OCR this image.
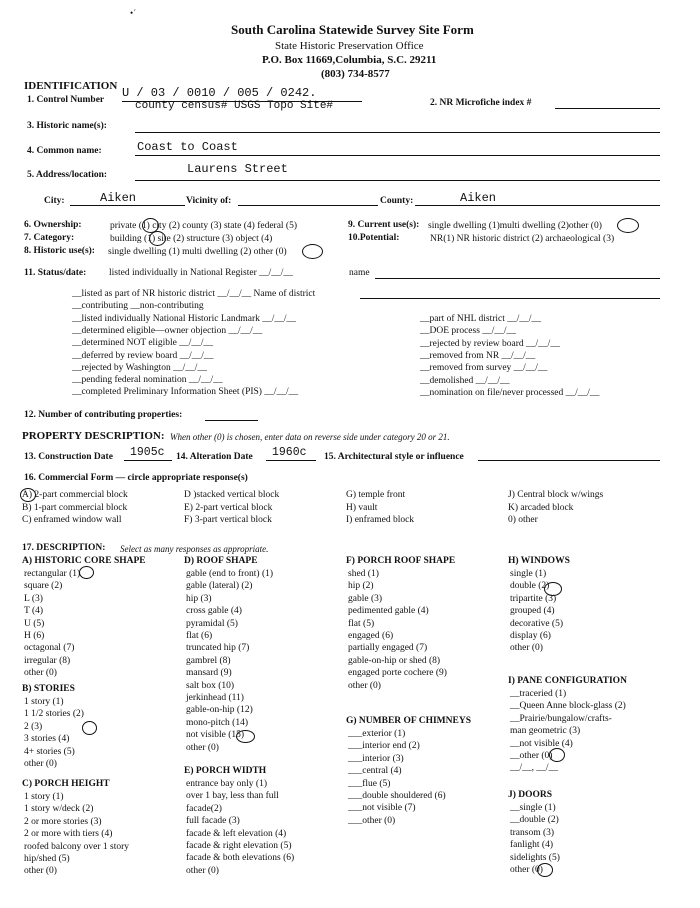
•´
South Carolina Statewide Survey Site Form
State Historic Preservation Office
P.O. Box 11669,Columbia, S.C. 29211
(803) 734-8577
IDENTIFICATION
1. Control Number U / 03 / 0010 / 005 / 0242.
county census# USGS Topo Site#	2. NR Microfiche index #
3. Historic name(s):
4. Common name:	Coast to Coast
5. Address/location:	Laurens Street
City:	Aiken	Vicinity of:	County:	Aiken
6. Ownership:	private (1) city (2) county (3) state (4) federal (5)
7. Category:	building (1) site (2) structure (3) object (4)
8. Historic use(s): single dwelling (1) multi dwelling (2) other (0)
9. Current use(s): single dwelling (1)multi dwelling (2)other (0)
10.Potential:	NR(1) NR historic district (2) archaeological (3)
11. Status/date: listed individually in National Register __/__/__	name
__listed as part of NR historic district __/__/__ Name of district
__contributing __non-contributing
__listed individually National Historic Landmark __/__/__
__determined eligible—owner objection __/__/__
__determined NOT eligible __/__/__
__deferred by review board __/__/__
__rejected by Washington __/__/__
__pending federal nomination __/__/__
__completed Preliminary Information Sheet (PIS) __/__/__
__part of NHL district __/__/__
__DOE process __/__/__
__rejected by review board __/__/__
__removed from NR __/__/__
__removed from survey __/__/__
__demolished __/__/__
__nomination on file/never processed __/__/__
12. Number of contributing properties:
PROPERTY DESCRIPTION: When other (0) is chosen, enter data on reverse side under category 20 or 21.
13. Construction Date 1905c 14. Alteration Date 1960c 15. Architectural style or influence
16. Commercial Form — circle appropriate response(s)
A) 2-part commercial block
B) 1-part commercial block
C) enframed window wall
D )stacked vertical block
E) 2-part vertical block
F) 3-part vertical block
G) temple front
H) vault
I) enframed block
J) Central block w/wings
K) arcaded block
0) other
17. DESCRIPTION: Select as many responses as appropriate.
A) HISTORIC CORE SHAPE
rectangular (1)
square (2)
L (3)
T (4)
U (5)
H (6)
octagonal (7)
irregular (8)
other (0)
B) STORIES
1 story (1)
1 1/2 stories (2)
2 (3)
3 stories (4)
4+ stories (5)
other (0)
C) PORCH HEIGHT
1 story (1)
1 story w/deck (2)
2 or more stories (3)
2 or more with tiers (4)
roofed balcony over 1 story
hip/shed (5)
other (0)
D) ROOF SHAPE
gable (end to front) (1)
gable (lateral) (2)
hip (3)
cross gable (4)
pyramidal (5)
flat (6)
truncated hip (7)
gambrel (8)
mansard (9)
salt box (10)
jerkinhead (11)
gable-on-hip (12)
mono-pitch (14)
not visible (15)
other (0)
E) PORCH WIDTH
entrance bay only (1)
over 1 bay, less than full
facade(2)
full facade (3)
facade & left elevation (4)
facade & right elevation (5)
facade & both elevations (6)
other (0)
F) PORCH ROOF SHAPE
shed (1)
hip (2)
gable (3)
pedimented gable (4)
flat (5)
engaged (6)
partially engaged (7)
gable-on-hip or shed (8)
engaged porte cochere (9)
other (0)
G) NUMBER OF CHIMNEYS
___exterior (1)
___interior end (2)
___interior (3)
___central (4)
___flue (5)
___double shouldered (6)
___not visible (7)
___other (0)
H) WINDOWS
single (1)
double (2)
tripartite (3)
grouped (4)
decorative (5)
display (6)
other (0)
I) PANE CONFIGURATION
__traceried (1)
__Queen Anne block-glass (2)
__Prairie/bungalow/crafts-
man geometric (3)
__not visible (4)
__other (0)
__/__, __/__
J) DOORS
__single (1)
__double (2)
transom (3)
fanlight (4)
sidelights (5)
other (0)
